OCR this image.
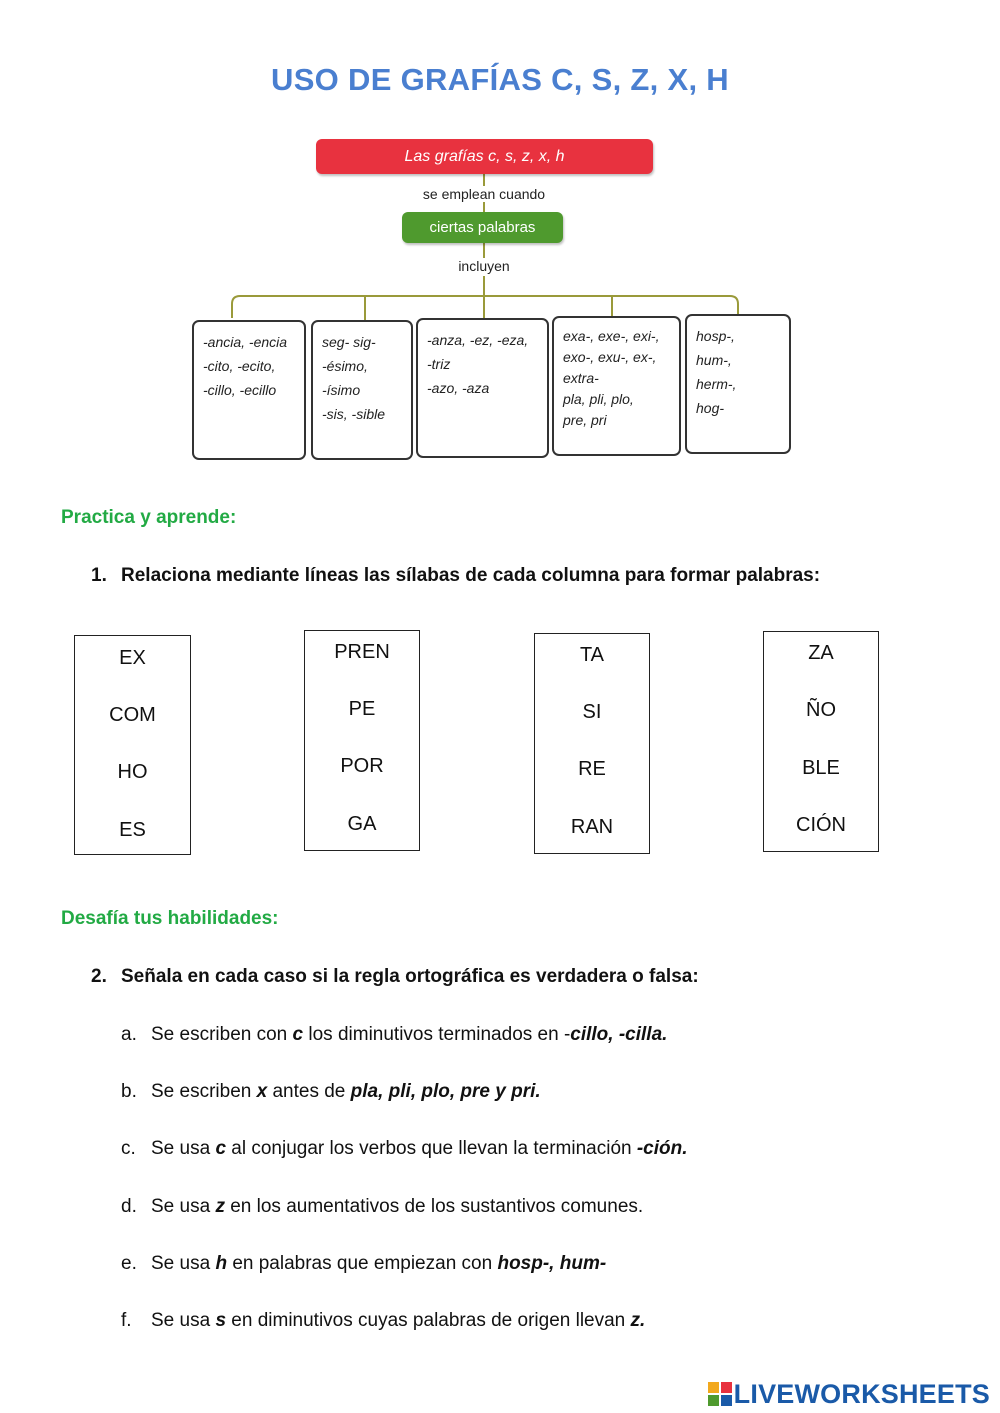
USO DE GRAFÍAS C, S, Z, X, H
Las grafías c, s, z, x, h
se emplean cuando
ciertas palabras
incluyen
-ancia, -encia
-cito, -ecito,
-cillo, -ecillo
seg- sig-
-ésimo,
-ísimo
-sis, -sible
-anza, -ez, -eza,
-triz
-azo, -aza
exa-, exe-, exi-,
exo-, exu-, ex-,
extra-
pla, pli, plo,
pre, pri
hosp-,
hum-,
herm-,
hog-
Practica y aprende:
1. Relaciona mediante líneas las sílabas de cada columna para formar palabras:
EX
COM
HO
ES
PREN
PE
POR
GA
TA
SI
RE
RAN
ZA
ÑO
BLE
CIÓN
Desafía tus habilidades:
2. Señala en cada caso si la regla ortográfica es verdadera o falsa:
a. Se escriben con c los diminutivos terminados en -cillo, -cilla.
b. Se escriben x antes de pla, pli, plo, pre y pri.
c. Se usa c al conjugar los verbos que llevan la terminación -ción.
d. Se usa z en los aumentativos de los sustantivos comunes.
e. Se usa h en palabras que empiezan con hosp-, hum-
f. Se usa s en diminutivos cuyas palabras de origen llevan z.
LIVEWORKSHEETS
